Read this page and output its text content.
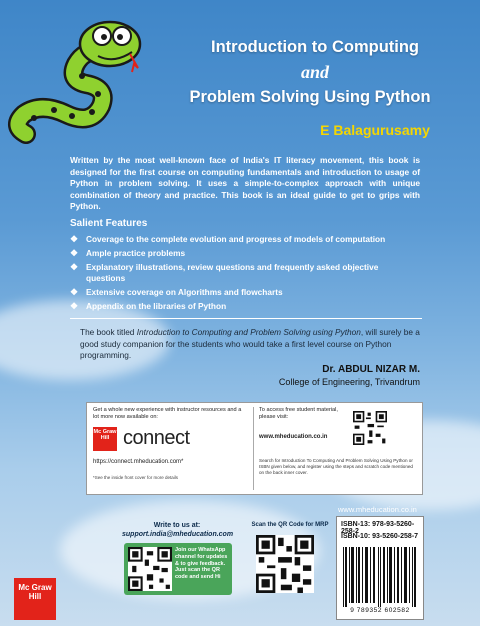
Introduction to Computing
and
Problem Solving Using Python
E Balagurusamy
Written by the most well-known face of India's IT literacy movement, this book is designed for the first course on computing fundamentals and introduction to usage of Python in problem solving. It uses a simple-to-complex approach with unique combination of theory and practice. This book is an ideal guide to get to grips with Python.
Salient Features
❖ Coverage to the complete evolution and progress of models of computation
❖ Ample practice problems
❖ Explanatory illustrations, review questions and frequently asked objective questions
❖ Extensive coverage on Algorithms and flowcharts
❖ Appendix on the libraries of Python
The book titled Introduction to Computing and Problem Solving using Python, will surely be a good study companion for the students who would take a first level course on Python programming.
Dr. ABDUL NIZAR M.
College of Engineering, Trivandrum
Get a whole new experience with instructor resources and a lot more now available on:
Mc Graw Hill connect
https://connect.mheducation.com*
*See the inside front cover for more details
To access free student material, please visit:
www.mheducation.co.in
Search for Introduction To Computing And Problem Solving Using Python or ISBN given below, and register using the steps and scratch code mentioned on the back inner cover.
www.mheducation.co.in
ISBN-13: 978-93-5260-258-2
ISBN-10: 93-5260-258-7
9 789352 602582
Mc Graw Hill
Write to us at:
support.india@mheducation.com
Join our WhatsApp channel for updates & to give feedback. Just scan the QR code and send Hi
Scan the QR Code for MRP
